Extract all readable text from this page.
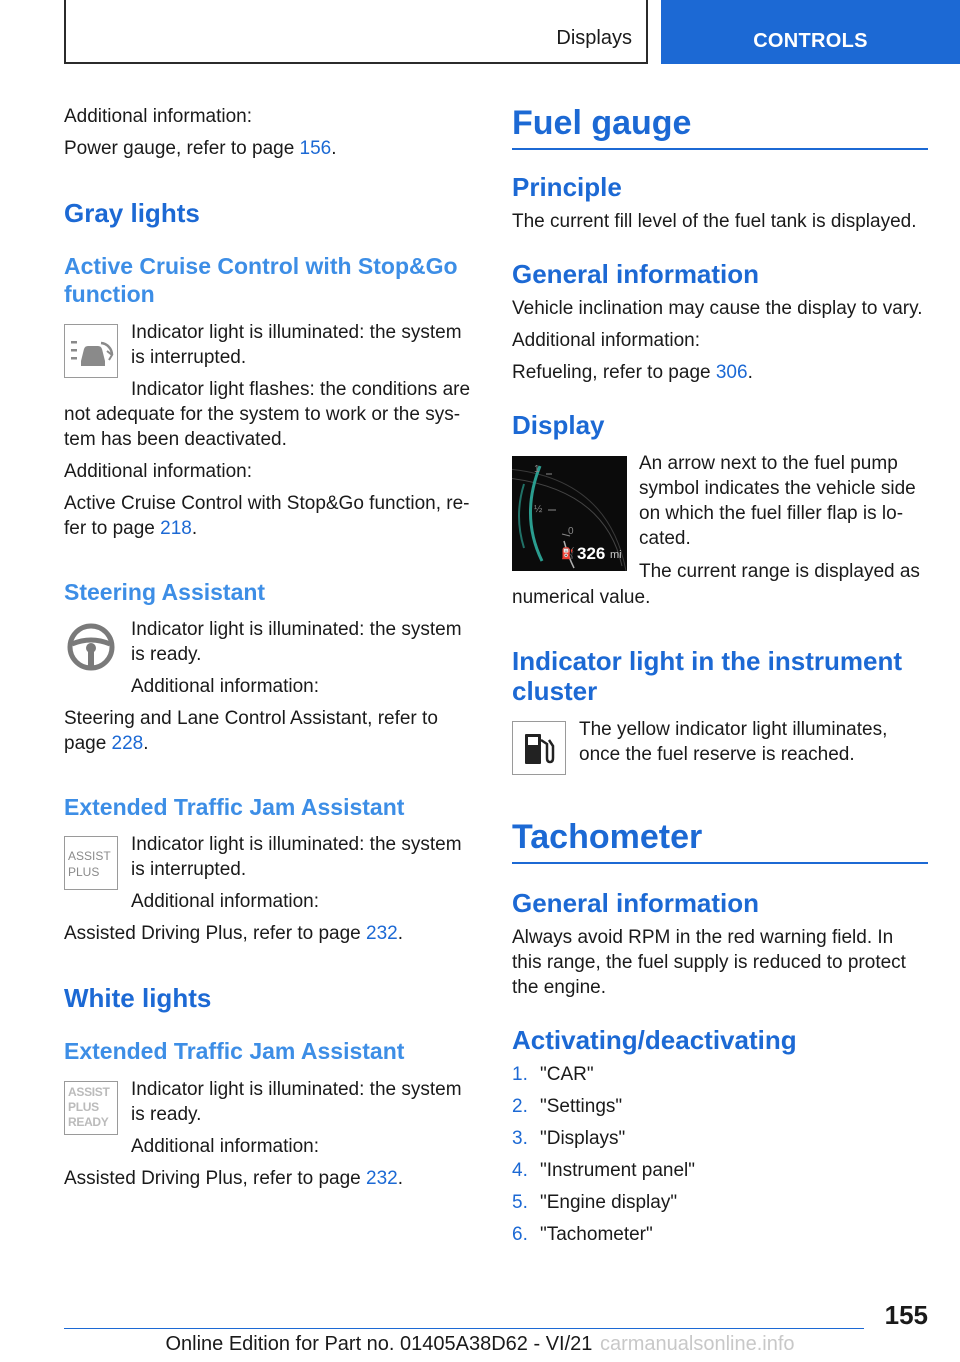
Displays	CONTROLS

Additional information:

Power gauge, refer to page 156.

Gray lights
Active Cruise Control with Stop&Go function

Indicator light is illuminated: the system is interrupted.

Indicator light flashes: the conditions are

not adequate for the system to work or the sys-tem has been deactivated.

Additional information:

Active Cruise Control with Stop&Go function, re-fer to page 218.

Steering Assistant

Indicator light is illuminated: the system is ready.

Additional information:

Steering and Lane Control Assistant, refer to page 228.

Extended Traffic Jam Assistant
ASSIST
PLUS

Indicator light is illuminated: the system is interrupted.

Additional information:

Assisted Driving Plus, refer to page 232.

White lights
Extended Traffic Jam Assistant
ASSIST
PLUS
READY

Indicator light is illuminated: the system is ready.

Additional information:

Assisted Driving Plus, refer to page 232.

Fuel gauge
Principle

The current fill level of the fuel tank is displayed.

General information

Vehicle inclination may cause the display to vary.

Additional information:

Refueling, refer to page 306.

Display
1
½
0
⛽ 326 mi

An arrow next to the fuel pump symbol indicates the vehicle side on which the fuel filler flap is lo-cated.

The current range is displayed as

numerical value.

Indicator light in the instrument cluster

The yellow indicator light illuminates, once the fuel reserve is reached.

Tachometer
General information

Always avoid RPM in the red warning field. In this range, the fuel supply is reduced to protect the engine.

Activating/deactivating
1. "CAR"
2. "Settings"
3. "Displays"
4. "Instrument panel"
5. "Engine display"
6. "Tachometer"
155
Online Edition for Part no. 01405A38D62 - VI/21 carmanualsonline.info
